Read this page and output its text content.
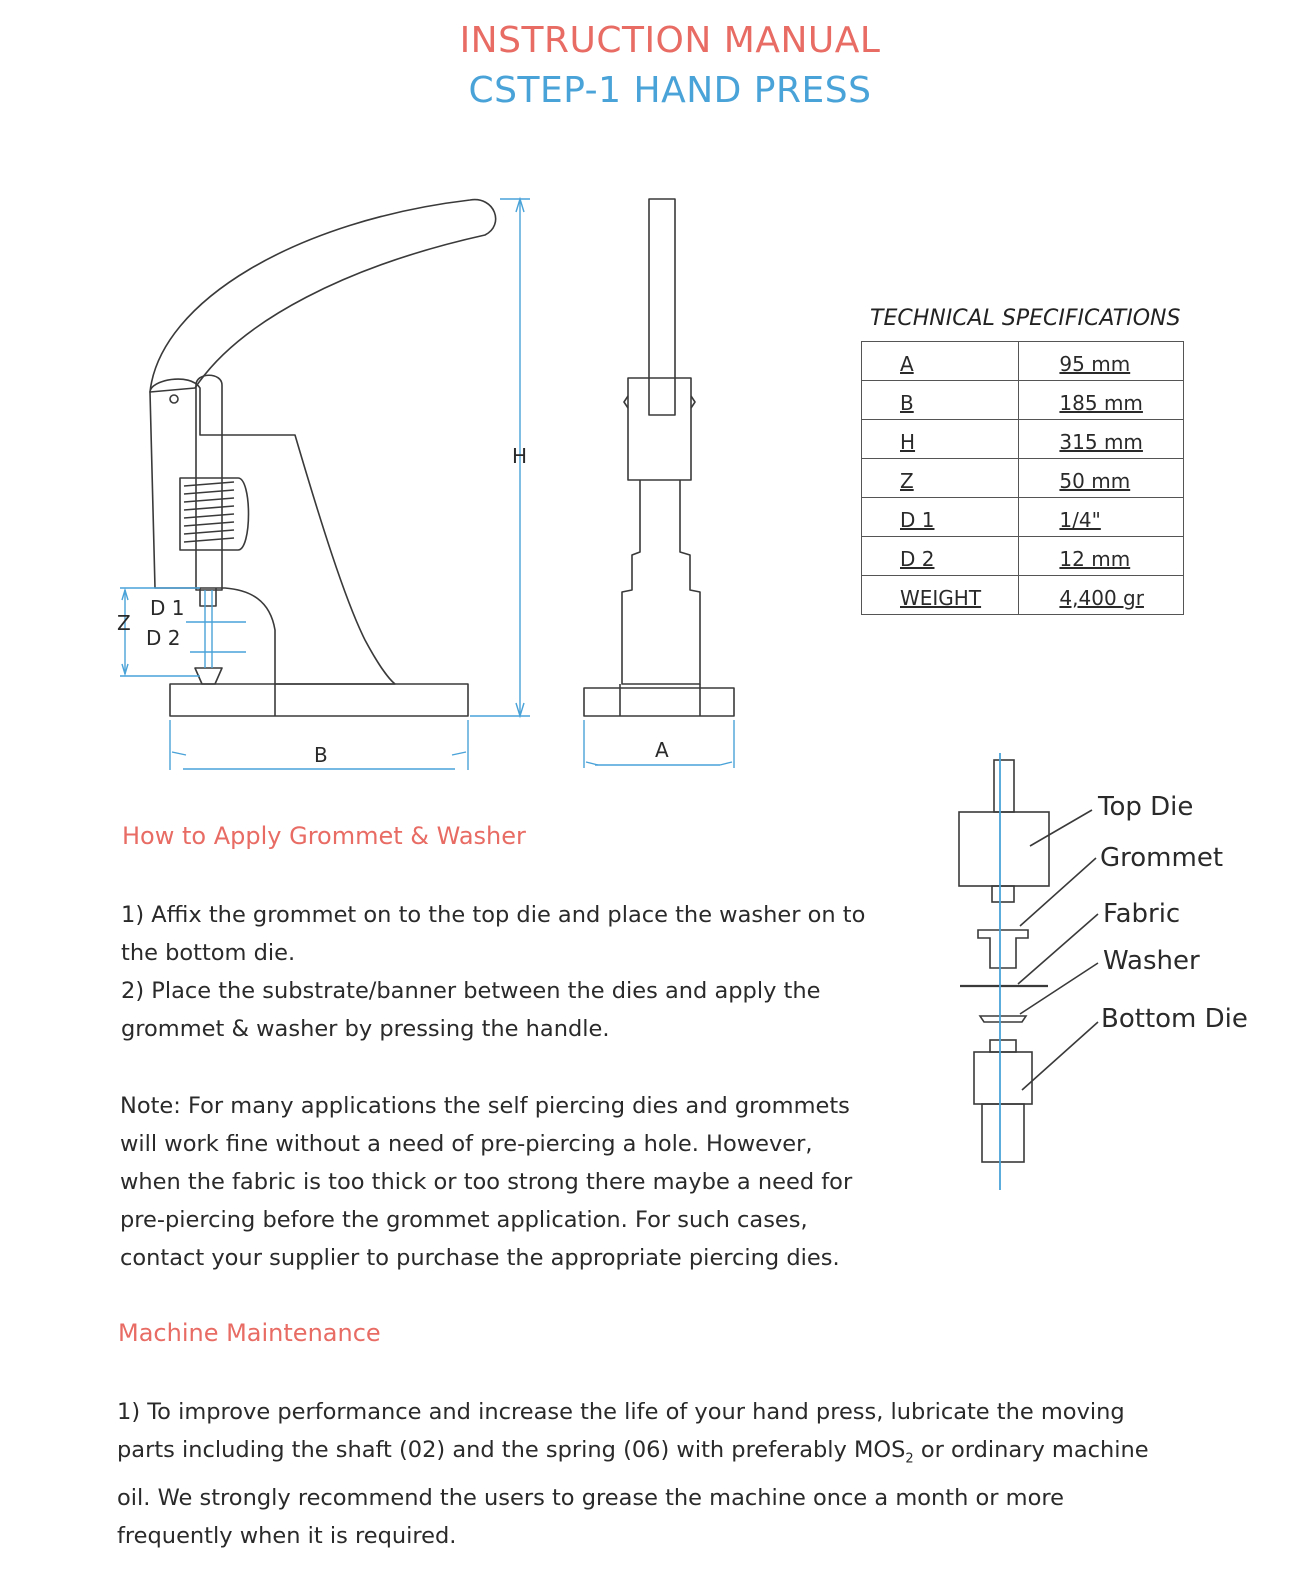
INSTRUCTION MANUAL
CSTEP-1 HAND PRESS
H
B	A
Z
D 1
D 2
TECHNICAL SPECIFICATIONS
A	95 mm
B	185 mm
H	315 mm
Z	50 mm
D 1	1/4"
D 2	12 mm
WEIGHT	4,400 gr
Top Die
Grommet
Fabric
Washer
Bottom Die
How to Apply Grommet & Washer
1) Affix the grommet on to the top die and place the washer on to
the bottom die.
2) Place the substrate/banner between the dies and apply the
grommet & washer by pressing the handle.
Note: For many applications the self piercing dies and grommets
will work fine without a need of pre-piercing a hole. However,
when the fabric is too thick or too strong there maybe a need for
pre-piercing before the grommet application. For such cases,
contact your supplier to purchase the appropriate piercing dies.
Machine Maintenance
1) To improve performance and increase the life of your hand press, lubricate the moving
parts including the shaft (02) and the spring (06) with preferably $MOS_2$ or ordinary machine
oil. We strongly recommend the users to grease the machine once a month or more
frequently when it is required.
